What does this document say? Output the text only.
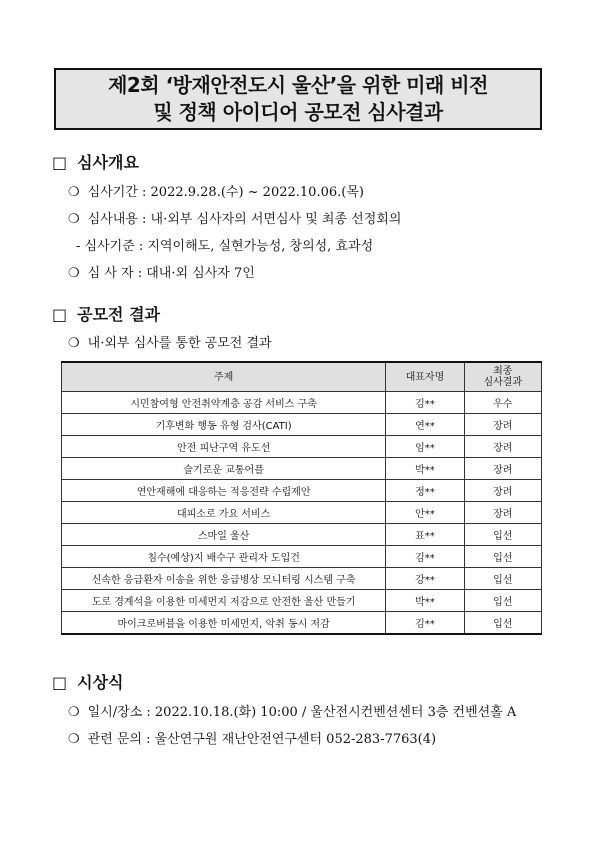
제2회 ‘방재안전도시 울산’을 위한 미래 비전
및 정책 아이디어 공모전 심사결과
□ 심사개요
❍ 심사기간 : 2022.9.28.(수) ~ 2022.10.06.(목)
❍ 심사내용 : 내·외부 심사자의 서면심사 및 최종 선정회의
- 심사기준 : 지역이해도, 실현가능성, 창의성, 효과성
❍ 심 사 자 : 대내·외 심사자 7인
□ 공모전 결과
❍ 내·외부 심사를 통한 공모전 결과
주제	대표자명	최종
심사결과
시민참여형 안전취약계층 공감 서비스 구축	김**	우수
기후변화 행동 유형 검사(CATI)	연**	장려
안전 피난구역 유도선	임**	장려
슬기로운 교통어플	박**	장려
연안재해에 대응하는 적응전략 수립제안	정**	장려
대피소로 가요 서비스	안**	장려
스마일 울산	표**	입선
침수(예상)지 배수구 관리자 도입건	김**	입선
신속한 응급환자 이송을 위한 응급병상 모니터링 시스템 구축	강**	입선
도로 경계석을 이용한 미세먼지 저감으로 안전한 울산 만들기	박**	입선
마이크로버블을 이용한 미세먼지, 악취 동시 저감	김**	입선
□ 시상식
❍ 일시/장소 : 2022.10.18.(화) 10:00 / 울산전시컨벤션센터 3층 컨벤션홀 A
❍ 관련 문의 : 울산연구원 재난안전연구센터 052-283-7763(4)
